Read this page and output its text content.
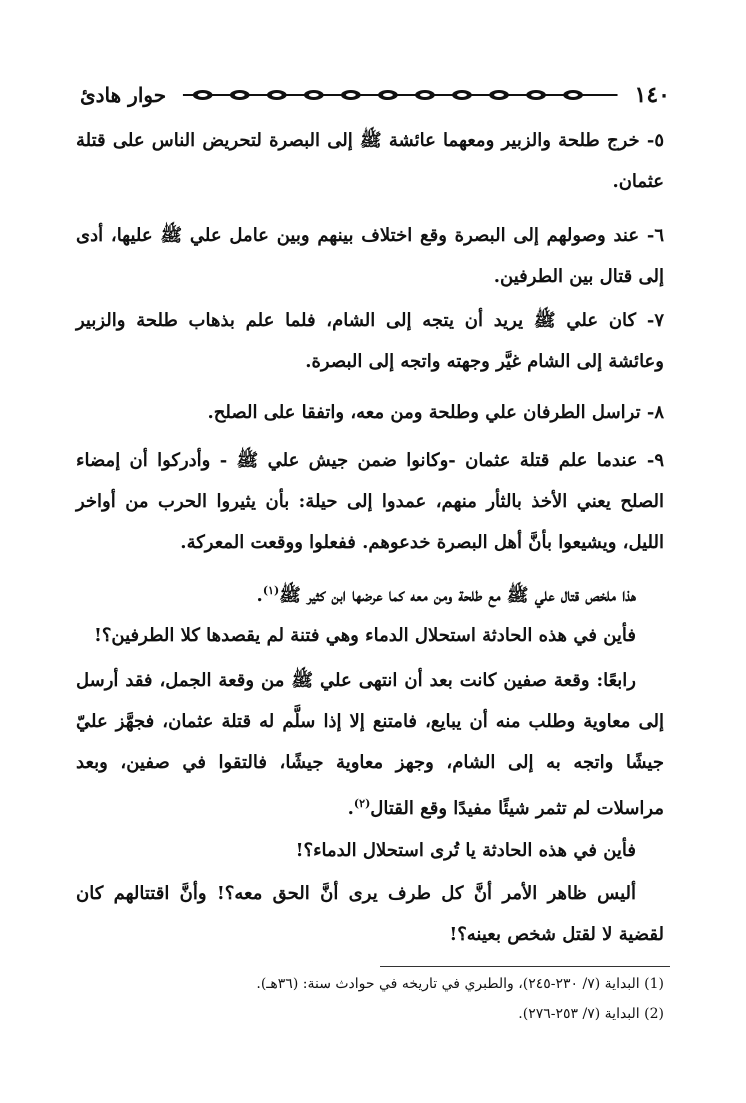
١٤٠
حوار هادئ

٥- خرج طلحة والزبير ومعهما عائشة ﷺ إلى البصرة لتحريض الناس على قتلة عثمان.

٦- عند وصولهم إلى البصرة وقع اختلاف بينهم وبين عامل علي ﷺ عليها، أدى إلى قتال بين الطرفين.

٧- كان علي ﷺ يريد أن يتجه إلى الشام، فلما علم بذهاب طلحة والزبير وعائشة إلى الشام غيَّر وجهته واتجه إلى البصرة.

٨- تراسل الطرفان علي وطلحة ومن معه، واتفقا على الصلح.

٩- عندما علم قتلة عثمان -وكانوا ضمن جيش علي ﷺ - وأدركوا أن إمضاء الصلح يعني الأخذ بالثأر منهم، عمدوا إلى حيلة: بأن يثيروا الحرب من أواخر الليل، ويشيعوا بأنَّ أهل البصرة خدعوهم. ففعلوا ووقعت المعركة.

هذا ملخص قتال علي ﷺ مع طلحة ومن معه كما عرضها ابن كثير ﷺ$^{(١)}$.

فأين في هذه الحادثة استحلال الدماء وهي فتنة لم يقصدها كلا الطرفين؟!

رابعًا: وقعة صفين كانت بعد أن انتهى علي ﷺ من وقعة الجمل، فقد أرسل إلى معاوية وطلب منه أن يبايع، فامتنع إلا إذا سلَّم له قتلة عثمان، فجهَّز عليّ جيشًا واتجه به إلى الشام، وجهز معاوية جيشًا، فالتقوا في صفين، وبعد مراسلات لم تثمر شيئًا مفيدًا وقع القتال$^{(٢)}$.

فأين في هذه الحادثة يا تُرى استحلال الدماء؟!

أليس ظاهر الأمر أنَّ كل طرف يرى أنَّ الحق معه؟! وأنَّ اقتتالهم كان لقضية لا لقتل شخص بعينه؟!

(1) البداية (٧/ ٢٣٠-٢٤٥)، والطبري في تاريخه في حوادث سنة: (٣٦هـ).

(2) البداية (٧/ ٢٥٣-٢٧٦).
